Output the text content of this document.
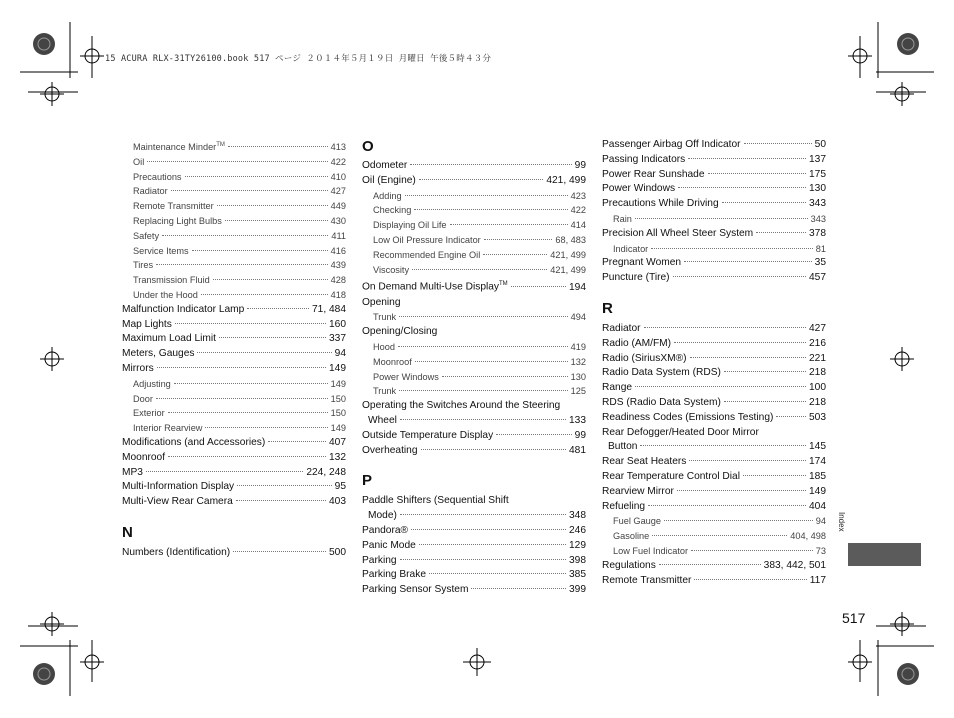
15 ACURA RLX-31TY26100.book 517 ページ ２０１４年５月１９日 月曜日 午後５時４３分
Maintenance Minder™	413
Oil	422
Precautions	410
Radiator	427
Remote Transmitter	449
Replacing Light Bulbs	430
Safety	411
Service Items	416
Tires	439
Transmission Fluid	428
Under the Hood	418
Malfunction Indicator Lamp	71, 484
Map Lights	160
Maximum Load Limit	337
Meters, Gauges	94
Mirrors	149
Adjusting	149
Door	150
Exterior	150
Interior Rearview	149
Modifications (and Accessories)	407
Moonroof	132
MP3	224, 248
Multi-Information Display	95
Multi-View Rear Camera	403
N
Numbers (Identification)	500
O
Odometer	99
Oil (Engine)	421, 499
Adding	423
Checking	422
Displaying Oil Life	414
Low Oil Pressure Indicator	68, 483
Recommended Engine Oil	421, 499
Viscosity	421, 499
On Demand Multi-Use Display™	194
Opening
Trunk	494
Opening/Closing
Hood	419
Moonroof	132
Power Windows	130
Trunk	125
Operating the Switches Around the Steering
Wheel	133
Outside Temperature Display	99
Overheating	481
P
Paddle Shifters (Sequential Shift
Mode)	348
Pandora®	246
Panic Mode	129
Parking	398
Parking Brake	385
Parking Sensor System	399
Passenger Airbag Off Indicator	50
Passing Indicators	137
Power Rear Sunshade	175
Power Windows	130
Precautions While Driving	343
Rain	343
Precision All Wheel Steer System	378
Indicator	81
Pregnant Women	35
Puncture (Tire)	457
R
Radiator	427
Radio (AM/FM)	216
Radio (SiriusXM®)	221
Radio Data System (RDS)	218
Range	100
RDS (Radio Data System)	218
Readiness Codes (Emissions Testing)	503
Rear Defogger/Heated Door Mirror
Button	145
Rear Seat Heaters	174
Rear Temperature Control Dial	185
Rearview Mirror	149
Refueling	404
Fuel Gauge	94
Gasoline	404, 498
Low Fuel Indicator	73
Regulations	383, 442, 501
Remote Transmitter	117
Index
517
